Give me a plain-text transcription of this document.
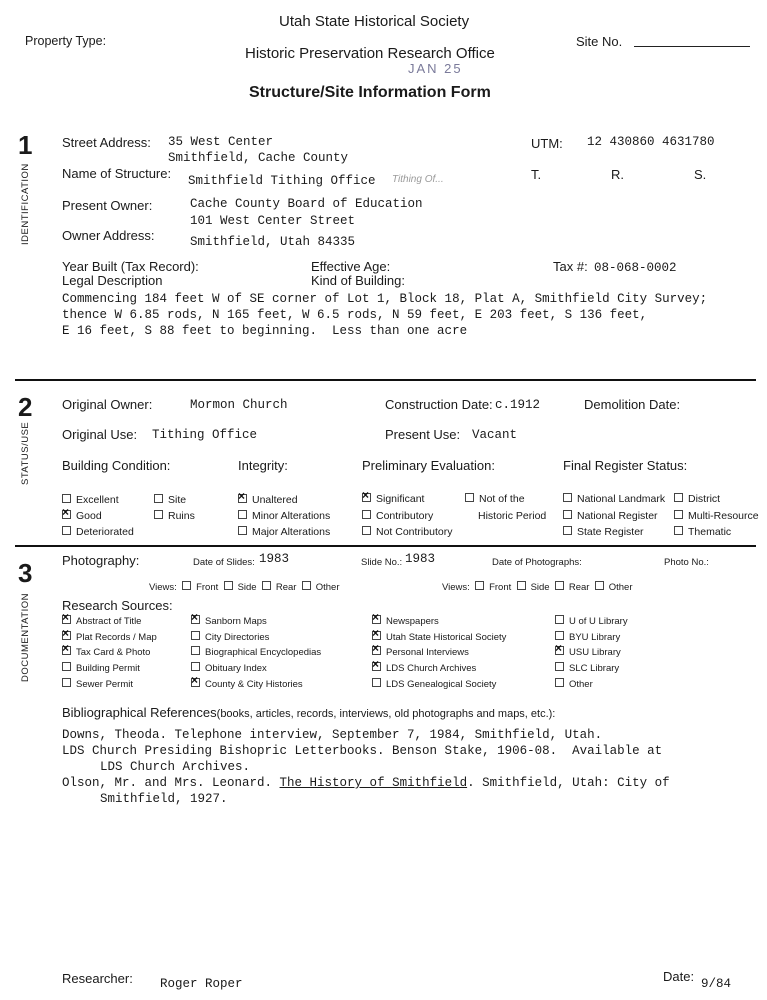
Utah State Historical Society
Property Type:	Site No.
Historic Preservation Research Office
JAN 25
Structure/Site Information Form
1
IDENTIFICATION
Street Address: 35 West Center
Smithfield, Cache County
UTM: 12 430860 4631780
Name of Structure: Smithfield Tithing Office Tithing Of...	T.	R.	S.
Present Owner:	Cache County Board of Education
101 West Center Street
Owner Address:	Smithfield, Utah 84335
Year Built (Tax Record):	Effective Age:	Tax #: 08-068-0002
Legal Description	Kind of Building:
Commencing 184 feet W of SE corner of Lot 1, Block 18, Plat A, Smithfield City Survey;
thence W 6.85 rods, N 165 feet, W 6.5 rods, N 59 feet, E 203 feet, S 136 feet,
E 16 feet, S 88 feet to beginning.  Less than one acre
2
STATUS/USE
Original Owner:	Mormon Church	Construction Date: c.1912	Demolition Date:
Original Use: Tithing Office	Present Use: Vacant
Building Condition:	Integrity:	Preliminary Evaluation:	Final Register Status:
Excellent
×Good
Deteriorated
Site
Ruins
×Unaltered
Minor Alterations
Major Alterations
×Significant
Contributory
Not Contributory
Not of the
Historic Period
National Landmark
National Register
State Register
District
Multi-Resource
Thematic
3
DOCUMENTATION
Photography:	Date of Slides: 1983	Slide No.: 1983	Date of Photographs:	Photo No.:
Views: Front Side Rear Other	Views: Front Side Rear Other
Research Sources:
×Abstract of Title
×Plat Records / Map
×Tax Card & Photo
Building Permit
Sewer Permit
×Sanborn Maps
City Directories
Biographical Encyclopedias
Obituary Index
×County & City Histories
×Newspapers
×Utah State Historical Society
×Personal Interviews
×LDS Church Archives
LDS Genealogical Society
U of U Library
BYU Library
×USU Library
SLC Library
Other
Bibliographical References(books, articles, records, interviews, old photographs and maps, etc.):
Downs, Theoda. Telephone interview, September 7, 1984, Smithfield, Utah.
LDS Church Presiding Bishopric Letterbooks. Benson Stake, 1906-08.  Available at
LDS Church Archives.
Olson, Mr. and Mrs. Leonard. The History of Smithfield. Smithfield, Utah: City of
Smithfield, 1927.
Researcher: Roger Roper	Date: 9/84
